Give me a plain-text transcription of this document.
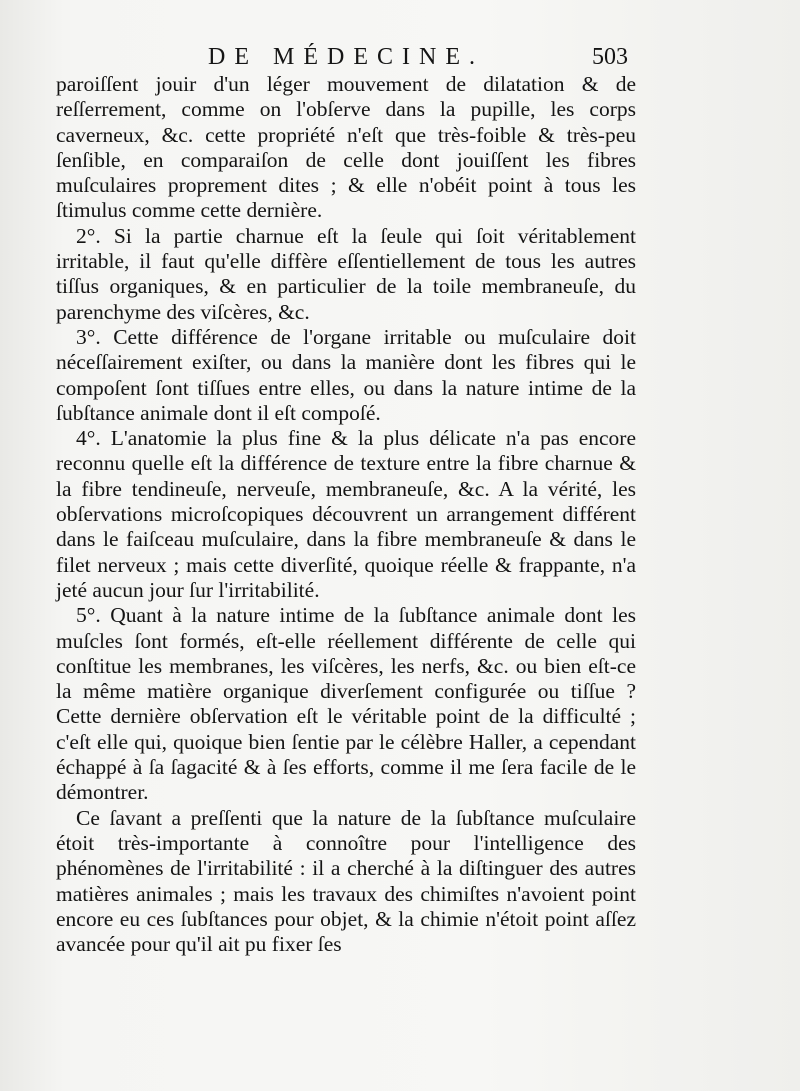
DE MÉDECINE.	503

paroiſſent jouir d'un léger mouvement de dilatation & de reſſerrement, comme on l'obſerve dans la pupille, les corps caverneux, &c. cette propriété n'eſt que très-foible & très-peu ſenſible, en comparaiſon de celle dont jouiſſent les fibres muſculaires proprement dites ; & elle n'obéit point à tous les ſtimulus comme cette dernière.

2°. Si la partie charnue eſt la ſeule qui ſoit véritablement irritable, il faut qu'elle diffère eſſentiellement de tous les autres tiſſus organiques, & en particulier de la toile membraneuſe, du parenchyme des viſcères, &c.

3°. Cette différence de l'organe irritable ou muſculaire doit néceſſairement exiſter, ou dans la manière dont les fibres qui le compoſent ſont tiſſues entre elles, ou dans la nature intime de la ſubſtance animale dont il eſt compoſé.

4°. L'anatomie la plus fine & la plus délicate n'a pas encore reconnu quelle eſt la différence de texture entre la fibre charnue & la fibre tendineuſe, nerveuſe, membraneuſe, &c. A la vérité, les obſervations microſcopiques découvrent un arrangement différent dans le faiſceau muſculaire, dans la fibre membraneuſe & dans le filet nerveux ; mais cette diverſité, quoique réelle & frappante, n'a jeté aucun jour ſur l'irritabilité.

5°. Quant à la nature intime de la ſubſtance animale dont les muſcles ſont formés, eſt-elle réellement différente de celle qui conſtitue les membranes, les viſcères, les nerfs, &c. ou bien eſt-ce la même matière organique diverſement configurée ou tiſſue ? Cette dernière obſervation eſt le véritable point de la difficulté ; c'eſt elle qui, quoique bien ſentie par le célèbre Haller, a cependant échappé à ſa ſagacité & à ſes efforts, comme il me ſera facile de le démontrer.

Ce ſavant a preſſenti que la nature de la ſubſtance muſculaire étoit très-importante à connoître pour l'intelligence des phénomènes de l'irritabilité : il a cherché à la diſtinguer des autres matières animales ; mais les travaux des chimiſtes n'avoient point encore eu ces ſubſtances pour objet, & la chimie n'étoit point aſſez avancée pour qu'il ait pu fixer ſes
